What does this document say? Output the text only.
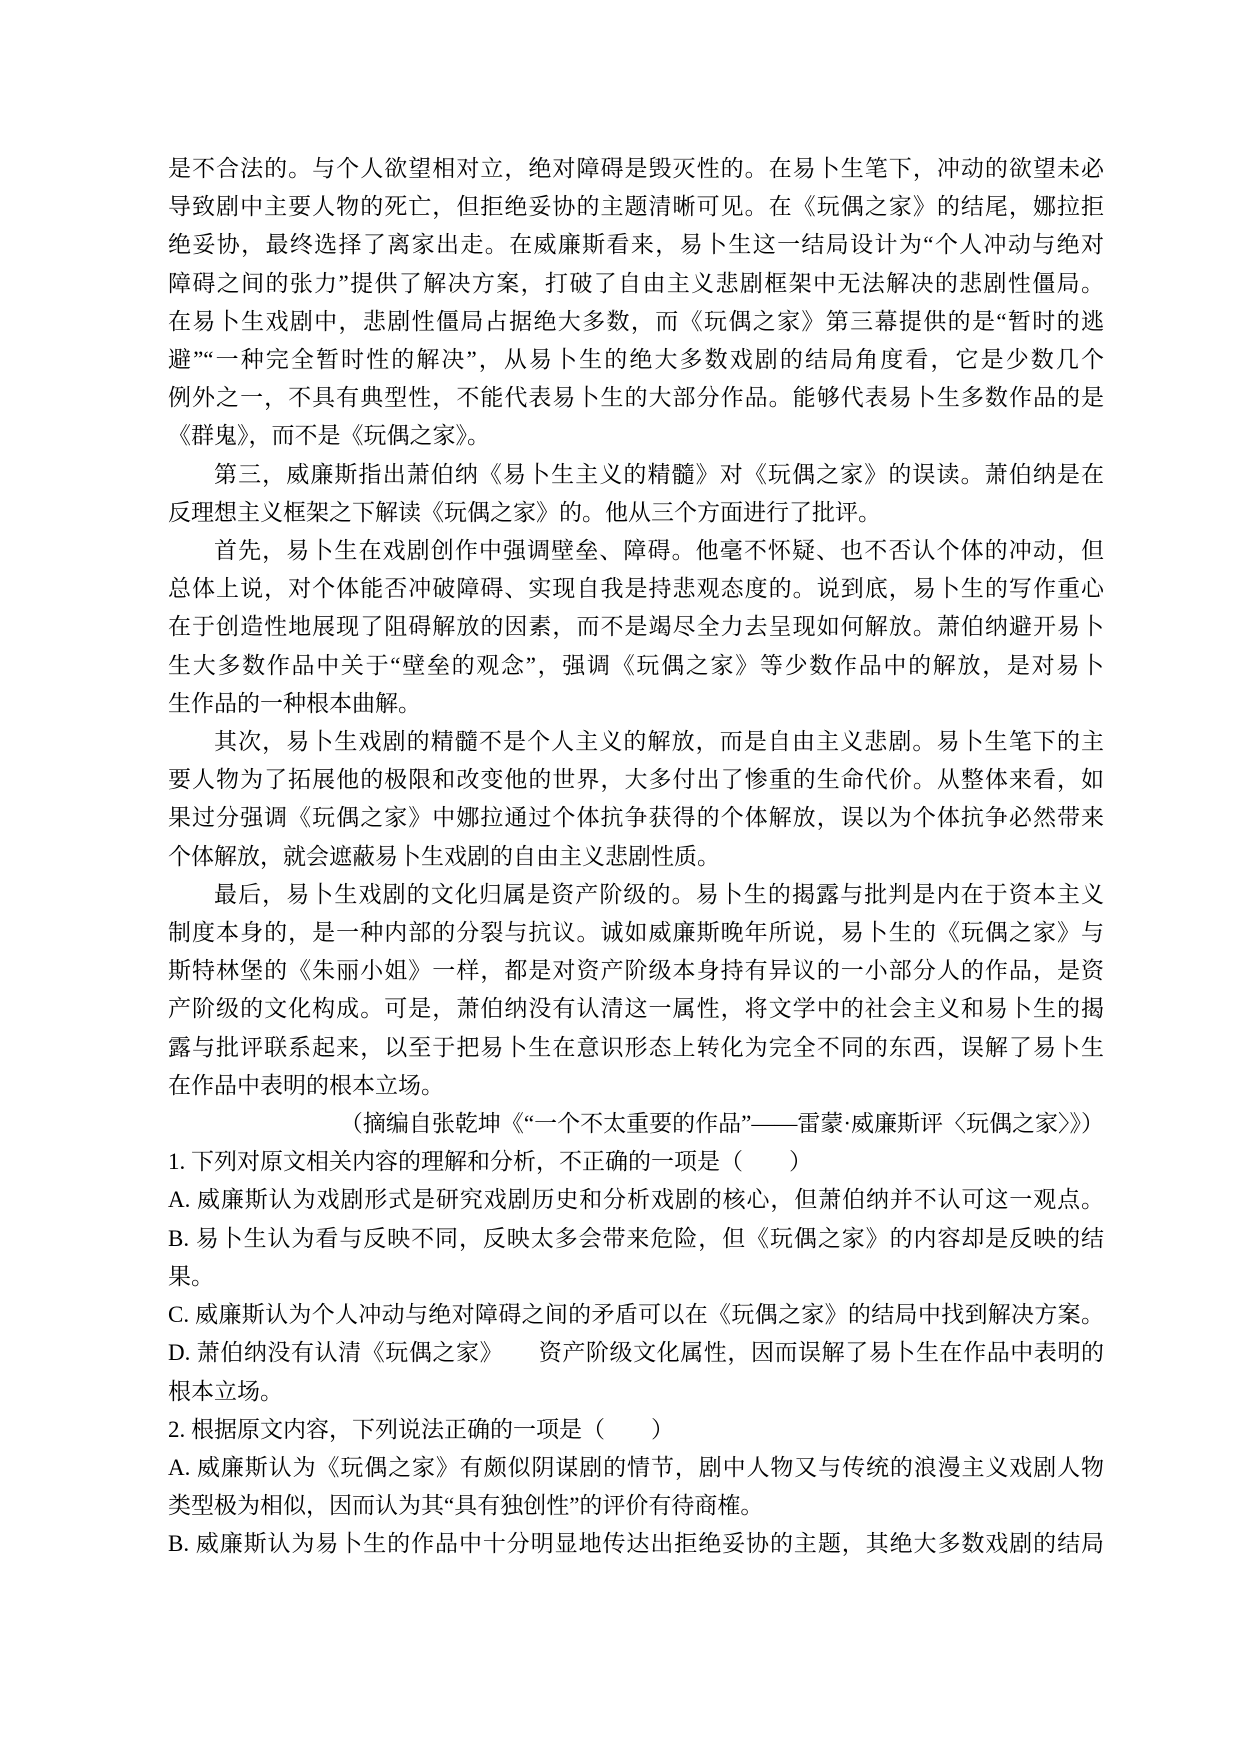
是不合法的。与个人欲望相对立，绝对障碍是毁灭性的。在易卜生笔下，冲动的欲望未必
导致剧中主要人物的死亡，但拒绝妥协的主题清晰可见。在《玩偶之家》的结尾，娜拉拒
绝妥协，最终选择了离家出走。在威廉斯看来，易卜生这一结局设计为“个人冲动与绝对
障碍之间的张力”提供了解决方案，打破了自由主义悲剧框架中无法解决的悲剧性僵局。
在易卜生戏剧中，悲剧性僵局占据绝大多数，而《玩偶之家》第三幕提供的是“暂时的逃
避”“一种完全暂时性的解决”，从易卜生的绝大多数戏剧的结局角度看，它是少数几个
例外之一，不具有典型性，不能代表易卜生的大部分作品。能够代表易卜生多数作品的是
《群鬼》，而不是《玩偶之家》。
第三，威廉斯指出萧伯纳《易卜生主义的精髓》对《玩偶之家》的误读。萧伯纳是在
反理想主义框架之下解读《玩偶之家》的。他从三个方面进行了批评。
首先，易卜生在戏剧创作中强调壁垒、障碍。他毫不怀疑、也不否认个体的冲动，但
总体上说，对个体能否冲破障碍、实现自我是持悲观态度的。说到底，易卜生的写作重心
在于创造性地展现了阻碍解放的因素，而不是竭尽全力去呈现如何解放。萧伯纳避开易卜
生大多数作品中关于“壁垒的观念”，强调《玩偶之家》等少数作品中的解放，是对易卜
生作品的一种根本曲解。
其次，易卜生戏剧的精髓不是个人主义的解放，而是自由主义悲剧。易卜生笔下的主
要人物为了拓展他的极限和改变他的世界，大多付出了惨重的生命代价。从整体来看，如
果过分强调《玩偶之家》中娜拉通过个体抗争获得的个体解放，误以为个体抗争必然带来
个体解放，就会遮蔽易卜生戏剧的自由主义悲剧性质。
最后，易卜生戏剧的文化归属是资产阶级的。易卜生的揭露与批判是内在于资本主义
制度本身的，是一种内部的分裂与抗议。诚如威廉斯晚年所说，易卜生的《玩偶之家》与
斯特林堡的《朱丽小姐》一样，都是对资产阶级本身持有异议的一小部分人的作品，是资
产阶级的文化构成。可是，萧伯纳没有认清这一属性，将文学中的社会主义和易卜生的揭
露与批评联系起来，以至于把易卜生在意识形态上转化为完全不同的东西，误解了易卜生
在作品中表明的根本立场。
（摘编自张乾坤《“一个不太重要的作品”——雷蒙·威廉斯评〈玩偶之家〉》）
1. 下列对原文相关内容的理解和分析，不正确的一项是（　　）
A. 威廉斯认为戏剧形式是研究戏剧历史和分析戏剧的核心，但萧伯纳并不认可这一观点。
B. 易卜生认为看与反映不同，反映太多会带来危险，但《玩偶之家》的内容却是反映的结
果。
C. 威廉斯认为个人冲动与绝对障碍之间的矛盾可以在《玩偶之家》的结局中找到解决方案。
D. 萧伯纳没有认清《玩偶之家》　　资产阶级文化属性，因而误解了易卜生在作品中表明的
根本立场。
2. 根据原文内容，下列说法正确的一项是（　　）
A. 威廉斯认为《玩偶之家》有颇似阴谋剧的情节，剧中人物又与传统的浪漫主义戏剧人物
类型极为相似，因而认为其“具有独创性”的评价有待商榷。
B. 威廉斯认为易卜生的作品中十分明显地传达出拒绝妥协的主题，其绝大多数戏剧的结局
